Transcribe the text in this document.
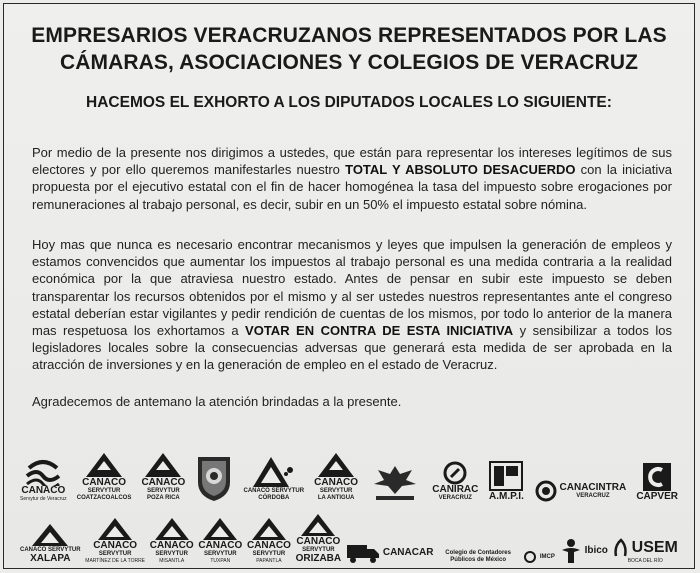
EMPRESARIOS VERACRUZANOS REPRESENTADOS POR LAS
CÁMARAS, ASOCIACIONES Y COLEGIOS DE VERACRUZ
HACEMOS EL EXHORTO A LOS DIPUTADOS LOCALES LO SIGUIENTE:
Por medio de la presente nos dirigimos a ustedes, que están para representar los intereses legítimos de sus electores y por ello queremos manifestarles nuestro TOTAL Y ABSOLUTO DESACUERDO con la iniciativa propuesta por el ejecutivo estatal con el fin de hacer homogénea la tasa del impuesto sobre erogaciones por remuneraciones al trabajo personal, es decir, subir en un 50% el impuesto estatal sobre nómina.
Hoy mas que nunca es necesario encontrar mecanismos y leyes que impulsen la generación de empleos y estamos convencidos que aumentar los impuestos al trabajo personal es una medida contraria a la realidad económica por la que atraviesa nuestro estado. Antes de pensar en subir este impuesto se deben transparentar los recursos obtenidos por el mismo y al ser ustedes nuestros representantes ante el congreso estatal deberían estar vigilantes y pedir rendición de cuentas de los mismos, por todo lo anterior de la manera mas respetuosa los exhortamos a VOTAR EN CONTRA DE ESTA INICIATIVA y sensibilizar a todos los legisladores locales sobre la consecuencias adversas que generará esta medida de ser aprobada en la atracción de inversiones y en la generación de empleo en el estado de Veracruz.
Agradecemos de antemano la atención brindadas a la presente.
CANACO
Servytur de Veracruz
CANACO
SERVYTUR
COATZACOALCOS
CANACO
SERVYTUR
POZA RICA
CANACO SERVYTUR
CÓRDOBA
CANACO
SERVYTUR
LA ANTIGUA
CANIRAC
VERACRUZ A.M.P.I.
CANACINTRA
VERACRUZ	CAPVER
CANACO SERVYTUR
XALAPA
CANACO
SERVYTUR
MARTÍNEZ DE LA TORRE
CANACO
SERVYTUR
MISANTLA
CANACO
SERVYTUR
TUXPAN
CANACO
SERVYTUR
PAPANTLA
CANACO
SERVYTUR
ORIZABA
CANACAR	Colegio de Contadores Públicos de México
IMCP
Ibico USEM
BOCA DEL RÍO
